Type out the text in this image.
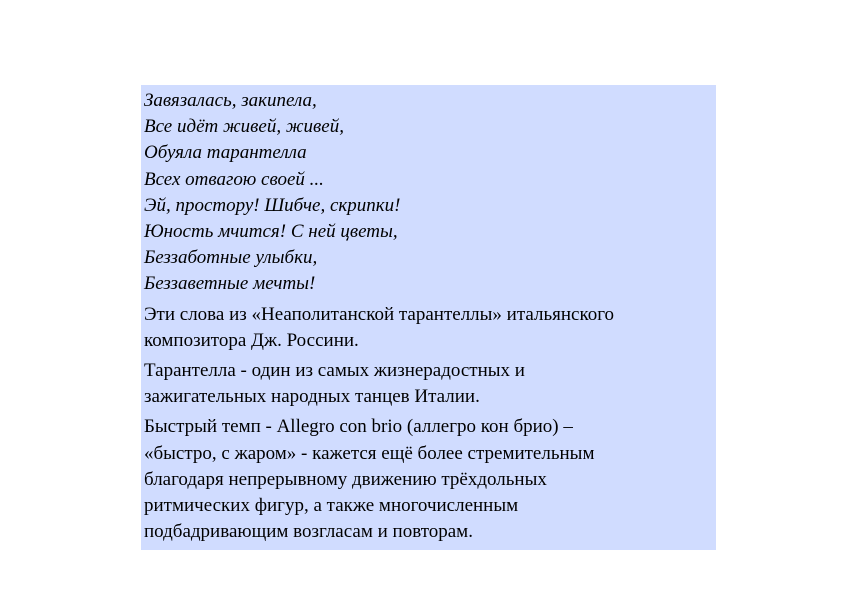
Завязалась, закипела,
Все идёт живей, живей,
Обуяла тарантелла
Всех отвагою своей ...
Эй, простору! Шибче, скрипки!
Юность мчится! С ней цветы,
Беззаботные улыбки,
Беззаветные мечты!
Эти слова из «Неаполитанской тарантеллы» итальянского
композитора Дж. Россини.
Тарантелла - один из самых жизнерадостных и
зажигательных народных танцев Италии.
Быстрый темп - Allegro con brio (аллегро кон брио) –
«быстро, с жаром» - кажется ещё более стремительным
благодаря непрерывному движению трёхдольных
ритмических фигур, а также многочисленным
подбадривающим возгласам и повторам.
